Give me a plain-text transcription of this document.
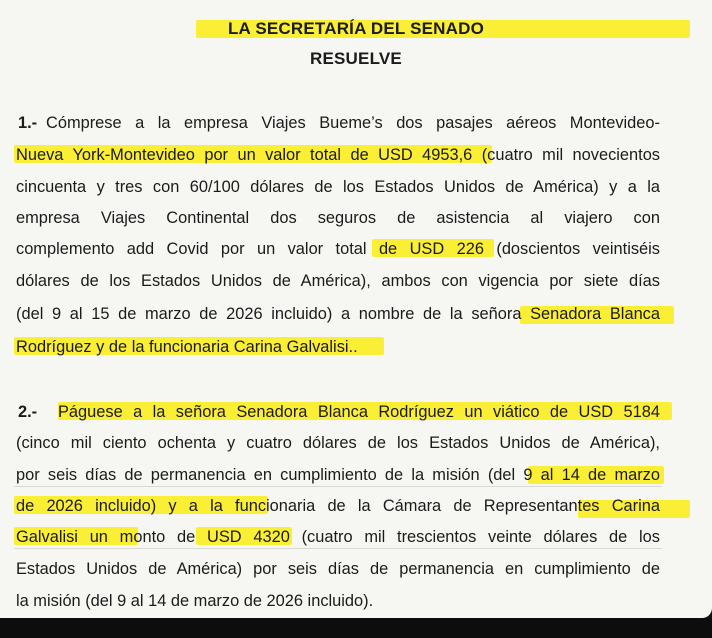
LA SECRETARÍA DEL SENADO
RESUELVE
1.- Cómprese a la empresa Viajes Bueme’s dos pasajes aéreos Montevideo-
Nueva York-Montevideo por un valor total de USD 4953,6 (cuatro mil novecientos
cincuenta y tres con 60/100 dólares de los Estados Unidos de América) y a la
empresa Viajes Continental dos seguros de asistencia al viajero con
complemento add Covid por un valor total de USD 226 (doscientos veintiséis
dólares de los Estados Unidos de América), ambos con vigencia por siete días
(del 9 al 15 de marzo de 2026 incluido) a nombre de la señora Senadora Blanca
Rodríguez y de la funcionaria Carina Galvalisi..
2.- Páguese a la señora Senadora Blanca Rodríguez un viático de USD 5184
(cinco mil ciento ochenta y cuatro dólares de los Estados Unidos de América),
por seis días de permanencia en cumplimiento de la misión (del 9 al 14 de marzo
de 2026 incluido) y a la funcionaria de la Cámara de Representantes Carina
Galvalisi un monto de USD 4320 (cuatro mil trescientos veinte dólares de los
Estados Unidos de América) por seis días de permanencia en cumplimiento de
la misión (del 9 al 14 de marzo de 2026 incluido).
